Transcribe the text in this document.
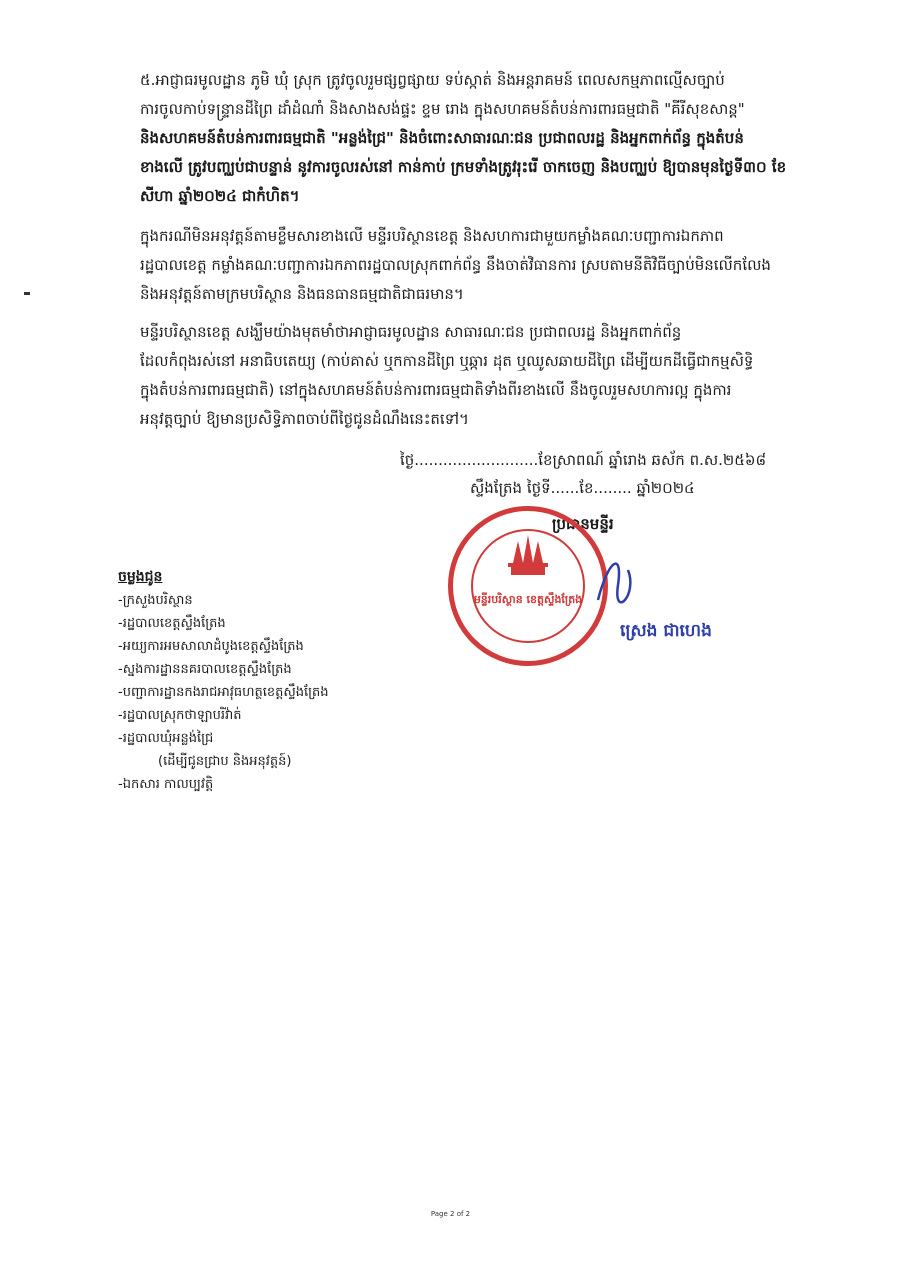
៥.អាជ្ញាធរមូលដ្ឋាន ភូមិ ឃុំ ស្រុក ត្រូវចូលរួមផ្សព្វផ្សាយ ទប់ស្កាត់ និងអន្តរាគមន៍ ពេលសកម្មភាពល្មើសច្បាប់
ការចូលកាប់ទន្ទ្រានដីព្រៃ ដាំដំណាំ និងសាងសង់ផ្ទះ ខ្ទម រោង ក្នុងសហគមន៍តំបន់ការពារធម្មជាតិ "គីរីសុខសាន្ត"
និងសហគមន៍តំបន់ការពារធម្មជាតិ "អន្លង់ជ្រៃ" និងចំពោះសាធារណៈជន ប្រជាពលរដ្ឋ និងអ្នកពាក់ព័ន្ធ ក្នុងតំបន់
ខាងលើ ត្រូវបញ្ឈប់ជាបន្ទាន់ នូវការចូលរស់នៅ កាន់កាប់ ក្រមទាំងត្រូវរុះរើ ចាកចេញ និងបញ្ឈប់ ឱ្យបានមុនថ្ងៃទី៣០ ខែ
សីហា ឆ្នាំ២០២៤ ជាកំហិត។
ក្នុងករណីមិនអនុវត្តន៍តាមខ្លឹមសារខាងលើ មន្ទីរបរិស្ថានខេត្ត និងសហការជាមួយកម្លាំងគណៈបញ្ជាការឯកភាព
រដ្ឋបាលខេត្ត កម្លាំងគណៈបញ្ជាការឯកភាពរដ្ឋបាលស្រុកពាក់ព័ន្ធ នឹងចាត់វិធានការ ស្របតាមនីតិវិធីច្បាប់មិនលើកលែង
និងអនុវត្តន៍តាមក្រមបរិស្ថាន និងធនធានធម្មជាតិជាធរមាន។
មន្ទីរបរិស្ថានខេត្ត សង្ឃឹមយ៉ាងមុតមាំថាអាជ្ញាធរមូលដ្ឋាន សាធារណៈជន ប្រជាពលរដ្ឋ និងអ្នកពាក់ព័ន្ធ
ដែលកំពុងរស់នៅ អនាធិបតេយ្យ (កាប់គាស់ ឬកកានដីព្រៃ ឬឆ្ការ ដុត ឬឈូសឆាយដីព្រៃ ដើម្បីយកដីធ្វើជាកម្មសិទ្ធិ
ក្នុងតំបន់ការពារធម្មជាតិ) នៅក្នុងសហគមន៍តំបន់ការពារធម្មជាតិទាំងពីរខាងលើ នឹងចូលរួមសហការល្អ ក្នុងការ
អនុវត្តច្បាប់ ឱ្យមានប្រសិទ្ធិភាពចាប់ពីថ្ងៃជូនដំណឹងនេះតទៅ។
ថ្ងៃ..........................ខែស្រាពណ៍ ឆ្នាំរោង ឆស័ក ព.ស.២៥៦៨
ស្ទឹងត្រែង ថ្ងៃទី......ខែ........ ឆ្នាំ២០២៤
ប្រធានមន្ទីរ
មន្ទីរបរិស្ថាន ខេត្តស្ទឹងត្រែង
ស្រេង ជាហេង
ចម្លងជូន
-ក្រសួងបរិស្ថាន
-រដ្ឋបាលខេត្តស្ទឹងត្រែង
-អយ្យការអមសាលាដំបូងខេត្តស្ទឹងត្រែង
-ស្នងការដ្ឋាននគរបាលខេត្តស្ទឹងត្រែង
-បញ្ជាការដ្ឋានកងរាជអាវុធហត្ថខេត្តស្ទឹងត្រែង
-រដ្ឋបាលស្រុកថាឡាបរិវ៉ាត់
-រដ្ឋបាលឃុំអន្លង់ជ្រៃ
(ដើម្បីជូនជ្រាប និងអនុវត្តន៍)
-ឯកសារ កាលប្បវត្តិ
Page 2 of 2
